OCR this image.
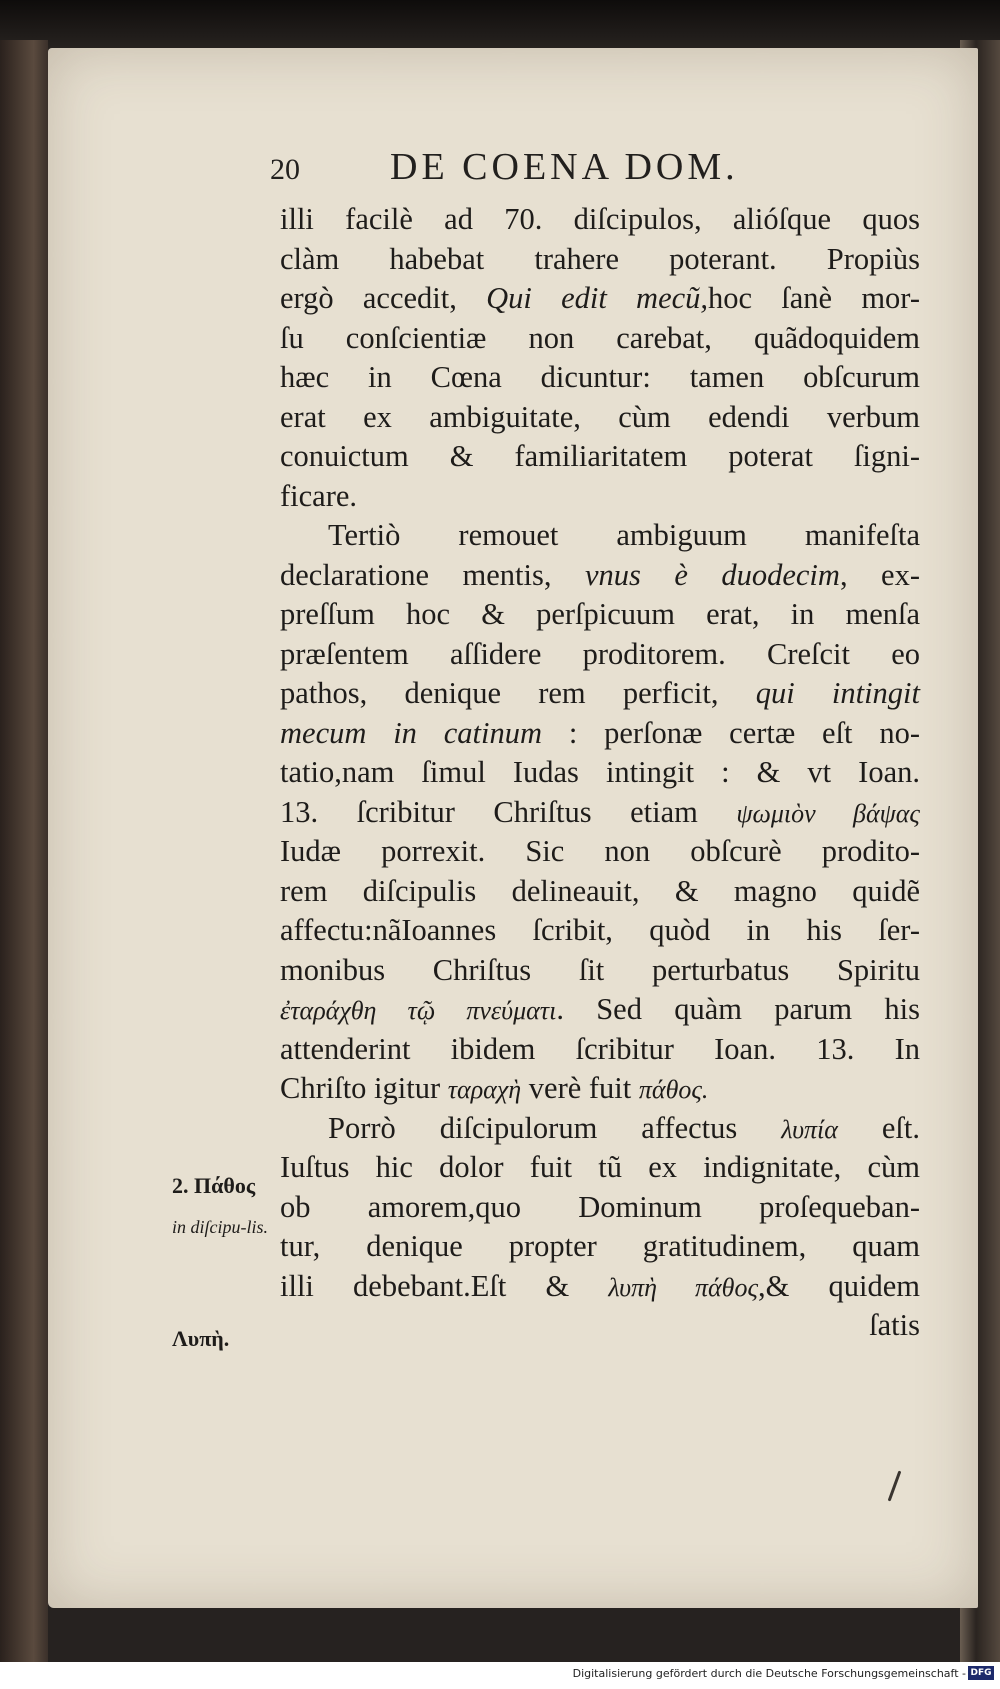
20 DE COENA DOM.
illi facilè ad 70. diſcipulos, alióſque quos
clàm habebat trahere poterant. Propiùs
ergò accedit, Qui edit mecũ,hoc ſanè mor-
ſu conſcientiæ non carebat, quãdoquidem
hæc in Cœna dicuntur: tamen obſcurum
erat ex ambiguitate, cùm edendi verbum
conuictum & familiaritatem poterat ſigni-
ficare.
Tertiò remouet ambiguum manifeſta
declaratione mentis, vnus è duodecim, ex-
preſſum hoc & perſpicuum erat, in menſa
præſentem aſſidere proditorem. Creſcit eo
pathos, denique rem perficit, qui intingit
mecum in catinum : perſonæ certæ eſt no-
tatio,nam ſimul Iudas intingit : & vt Ioan.
13. ſcribitur Chriſtus etiam ψωμιὸν βάψας
Iudæ porrexit. Sic non obſcurè prodito-
rem diſcipulis delineauit, & magno quidẽ
affectu:nãIoannes ſcribit, quòd in his ſer-
monibus Chriſtus ſit perturbatus Spiritu
ἐταράχθη τῷ πνεύματι. Sed quàm parum his
attenderint ibidem ſcribitur Ioan. 13. In
Chriſto igitur ταραχὴ verè fuit πάθος.
Porrò diſcipulorum affectus λυπία eſt.
Iuſtus hic dolor fuit tũ ex indignitate, cùm
ob amorem,quo Dominum proſequeban-
tur, denique propter gratitudinem, quam
illi debebant.Eſt & λυπὴ πάθος,& quidem
ſatis
2. Πάθος
in diſcipu-lis.
Λυπὴ.
Digitalisierung gefördert durch die Deutsche Forschungsgemeinschaft - DFG
